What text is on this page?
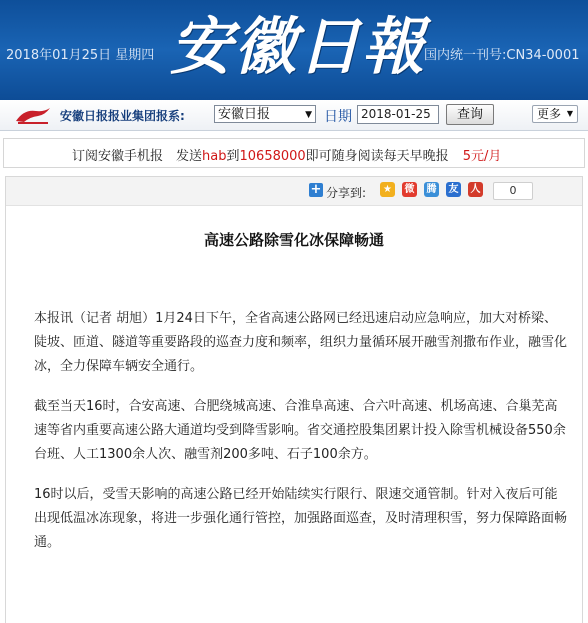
2018年01月25日 星期四 安徽日報
国内统一刊号:CN34-0001
安徽日报报业集团报系:	安徽日报	▼ 日期 2018-01-25	查询	更多 ▼
订阅安徽手机报　发送hab到10658000即可随身阅读每天早晚报 5元/月
+ 分享到:	★	微 腾 友 人	0
高速公路除雪化冰保障畅通

本报讯（记者 胡旭）1月24日下午，全省高速公路网已经迅速启动应急响应，加大对桥梁、陡坡、匝道、隧道等重要路段的巡查力度和频率，组织力量循环展开融雪剂撒布作业，融雪化冰，全力保障车辆安全通行。

截至当天16时，合安高速、合肥绕城高速、合淮阜高速、合六叶高速、机场高速、合巢芜高速等省内重要高速公路大通道均受到降雪影响。省交通控股集团累计投入除雪机械设备550余台班、人工1300余人次、融雪剂200多吨、石子100余方。

16时以后，受雪天影响的高速公路已经开始陆续实行限行、限速交通管制。针对入夜后可能出现低温冰冻现象，将进一步强化通行管控，加强路面巡查，及时清理积雪，努力保障路面畅通。
